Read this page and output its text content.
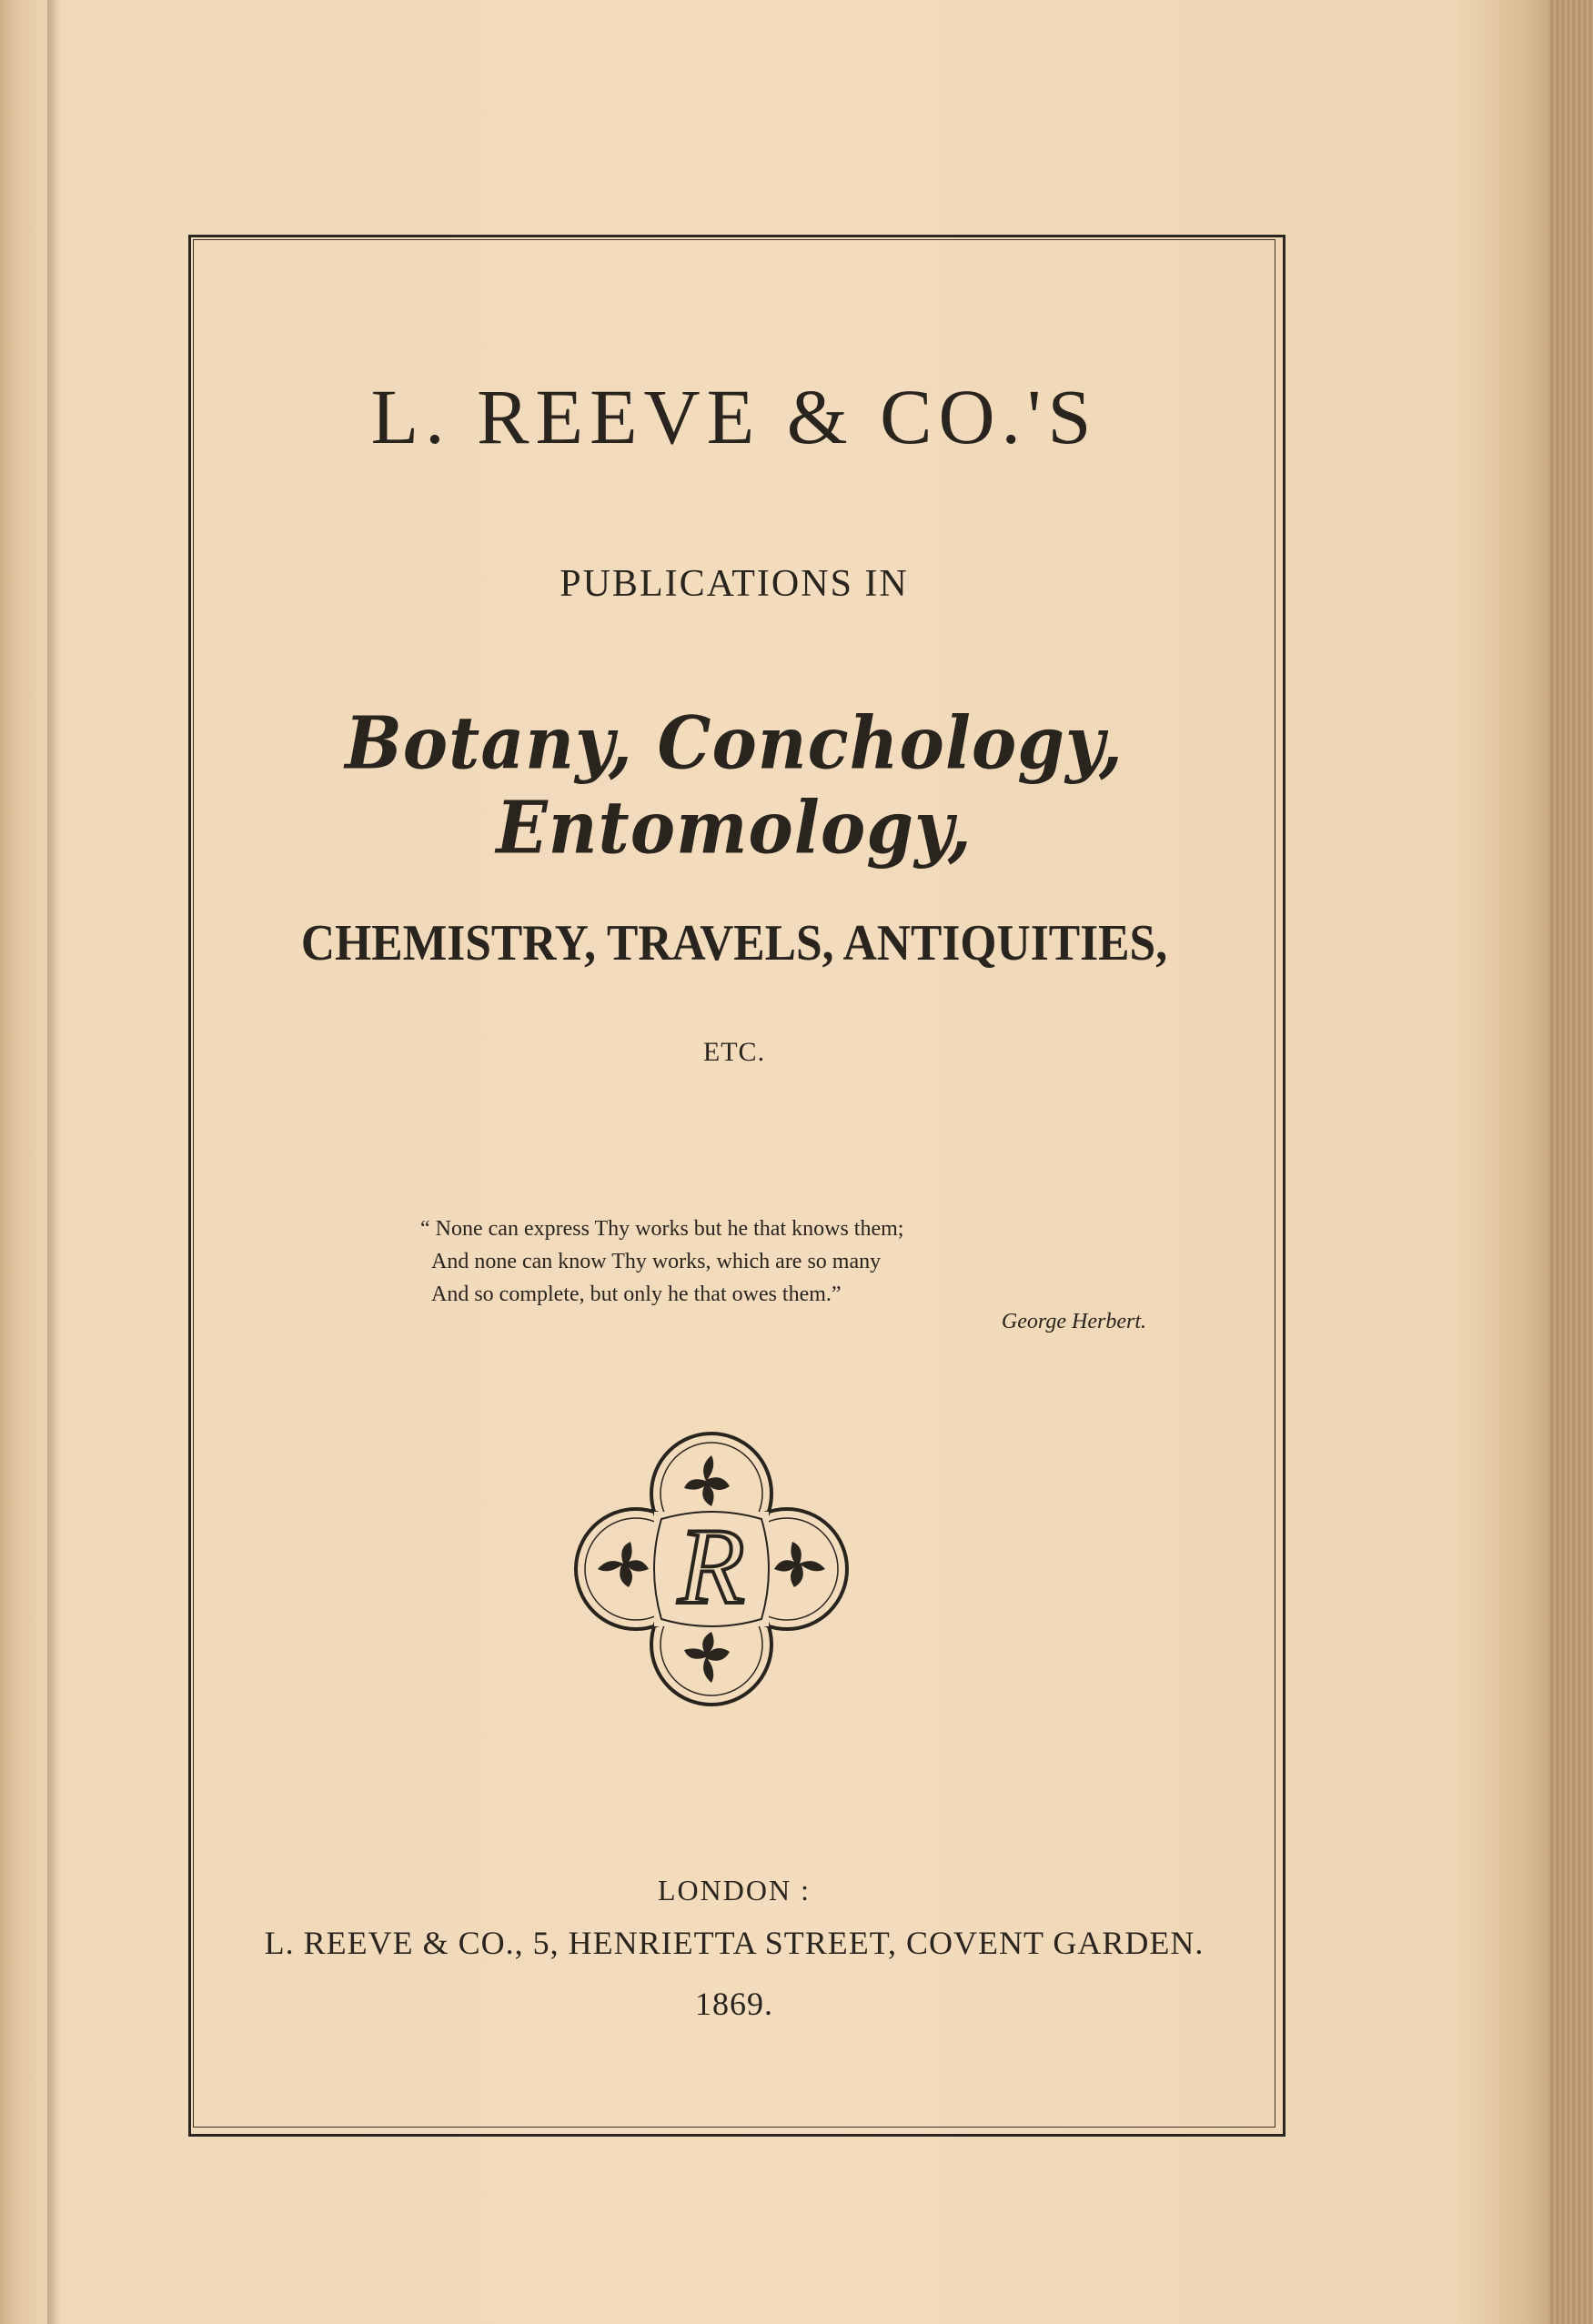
L. REEVE & CO.'S
PUBLICATIONS IN
Botany, Conchology, Entomology,
CHEMISTRY, TRAVELS, ANTIQUITIES,
ETC.
“ None can express Thy works but he that knows them;
And none can know Thy works, which are so many
And so complete, but only he that owes them.”
George Herbert.
R
LONDON :
L. REEVE & CO., 5, HENRIETTA STREET, COVENT GARDEN.
1869.
